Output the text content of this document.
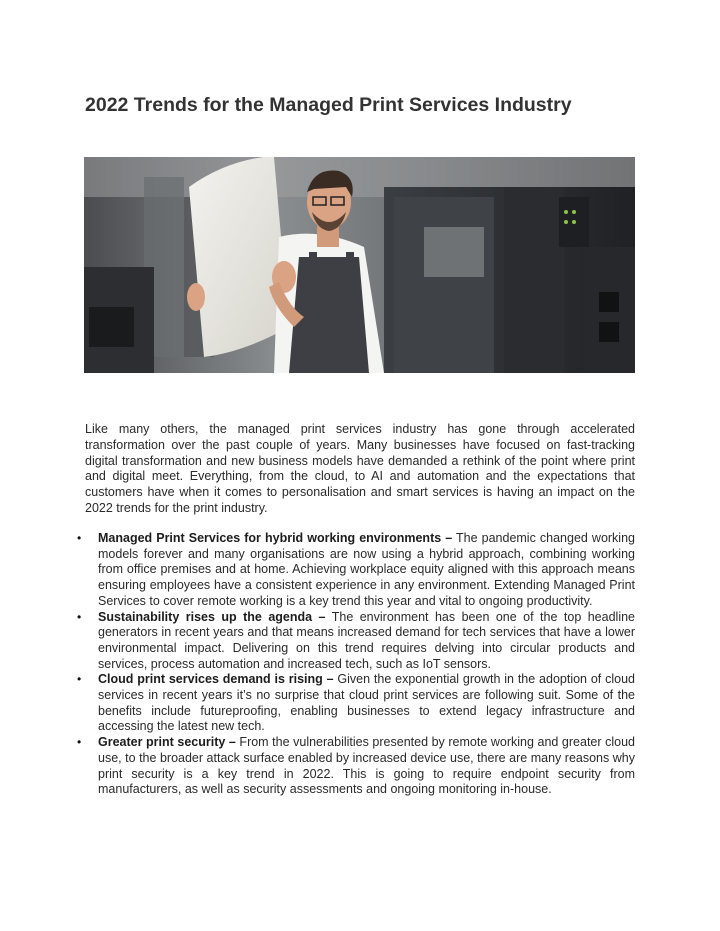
2022 Trends for the Managed Print Services Industry

Like many others, the managed print services industry has gone through accelerated transformation over the past couple of years. Many businesses have focused on fast-tracking digital transformation and new business models have demanded a rethink of the point where print and digital meet. Everything, from the cloud, to AI and automation and the expectations that customers have when it comes to personalisation and smart services is having an impact on the 2022 trends for the print industry.

•	Managed Print Services for hybrid working environments – The pandemic changed working models forever and many organisations are now using a hybrid approach, combining working from office premises and at home. Achieving workplace equity aligned with this approach means ensuring employees have a consistent experience in any environment. Extending Managed Print Services to cover remote working is a key trend this year and vital to ongoing productivity.
•	Sustainability rises up the agenda – The environment has been one of the top headline generators in recent years and that means increased demand for tech services that have a lower environmental impact. Delivering on this trend requires delving into circular products and services, process automation and increased tech, such as IoT sensors.
•	Cloud print services demand is rising – Given the exponential growth in the adoption of cloud services in recent years it’s no surprise that cloud print services are following suit. Some of the benefits include futureproofing, enabling businesses to extend legacy infrastructure and accessing the latest new tech.
•	Greater print security – From the vulnerabilities presented by remote working and greater cloud use, to the broader attack surface enabled by increased device use, there are many reasons why print security is a key trend in 2022. This is going to require endpoint security from manufacturers, as well as security assessments and ongoing monitoring in-house.
